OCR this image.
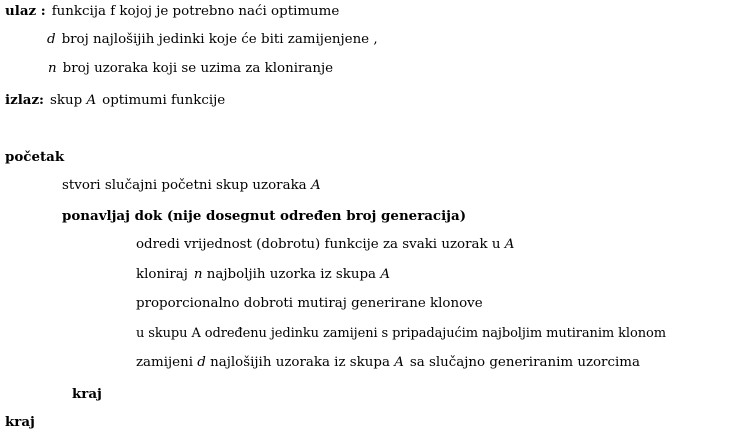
ulaz : funkcija f kojoj je potrebno naći optimume
d broj najlošijih jedinki koje će biti zamijenjene ,
n broj uzoraka koji se uzima za kloniranje
izlaz: skup A optimumi funkcije
početak
stvori slučajni početni skup uzoraka A
ponavljaj dok (nije dosegnut određen broj generacija)
odredi vrijednost (dobrotu) funkcije za svaki uzorak u A
kloniraj n najboljih uzorka iz skupa A
proporcionalno dobroti mutiraj generirane klonove
u skupu A određenu jedinku zamijeni s pripadajućim najboljim mutiranim klonom
zamijeni d najlošijih uzoraka iz skupa A sa slučajno generiranim uzorcima
kraj
kraj
